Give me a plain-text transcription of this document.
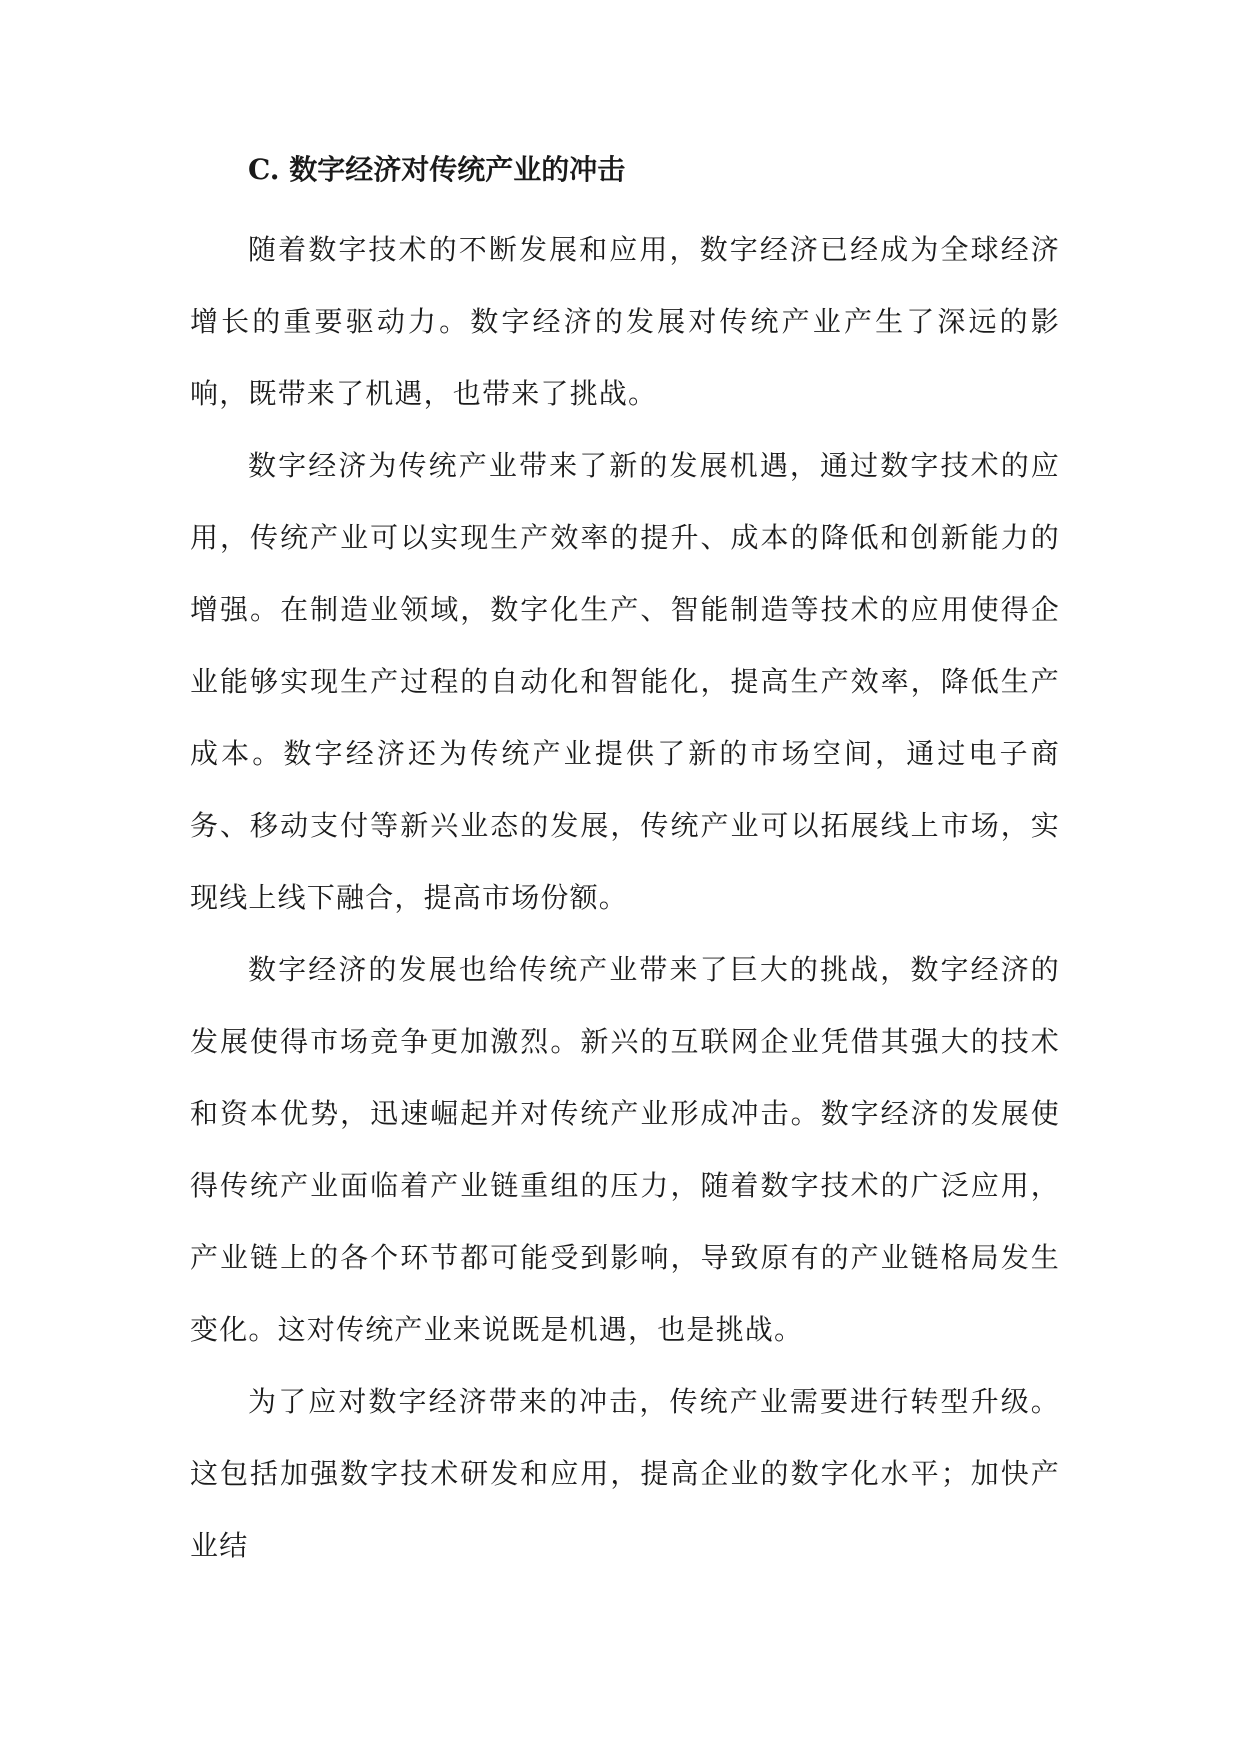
C. 数字经济对传统产业的冲击

随着数字技术的不断发展和应用，数字经济已经成为全球经济增长的重要驱动力。数字经济的发展对传统产业产生了深远的影响，既带来了机遇，也带来了挑战。

数字经济为传统产业带来了新的发展机遇，通过数字技术的应用，传统产业可以实现生产效率的提升、成本的降低和创新能力的增强。在制造业领域，数字化生产、智能制造等技术的应用使得企业能够实现生产过程的自动化和智能化，提高生产效率，降低生产成本。数字经济还为传统产业提供了新的市场空间，通过电子商务、移动支付等新兴业态的发展，传统产业可以拓展线上市场，实现线上线下融合，提高市场份额。

数字经济的发展也给传统产业带来了巨大的挑战，数字经济的发展使得市场竞争更加激烈。新兴的互联网企业凭借其强大的技术和资本优势，迅速崛起并对传统产业形成冲击。数字经济的发展使得传统产业面临着产业链重组的压力，随着数字技术的广泛应用，产业链上的各个环节都可能受到影响，导致原有的产业链格局发生变化。这对传统产业来说既是机遇，也是挑战。

为了应对数字经济带来的冲击，传统产业需要进行转型升级。这包括加强数字技术研发和应用，提高企业的数字化水平；加快产业结
